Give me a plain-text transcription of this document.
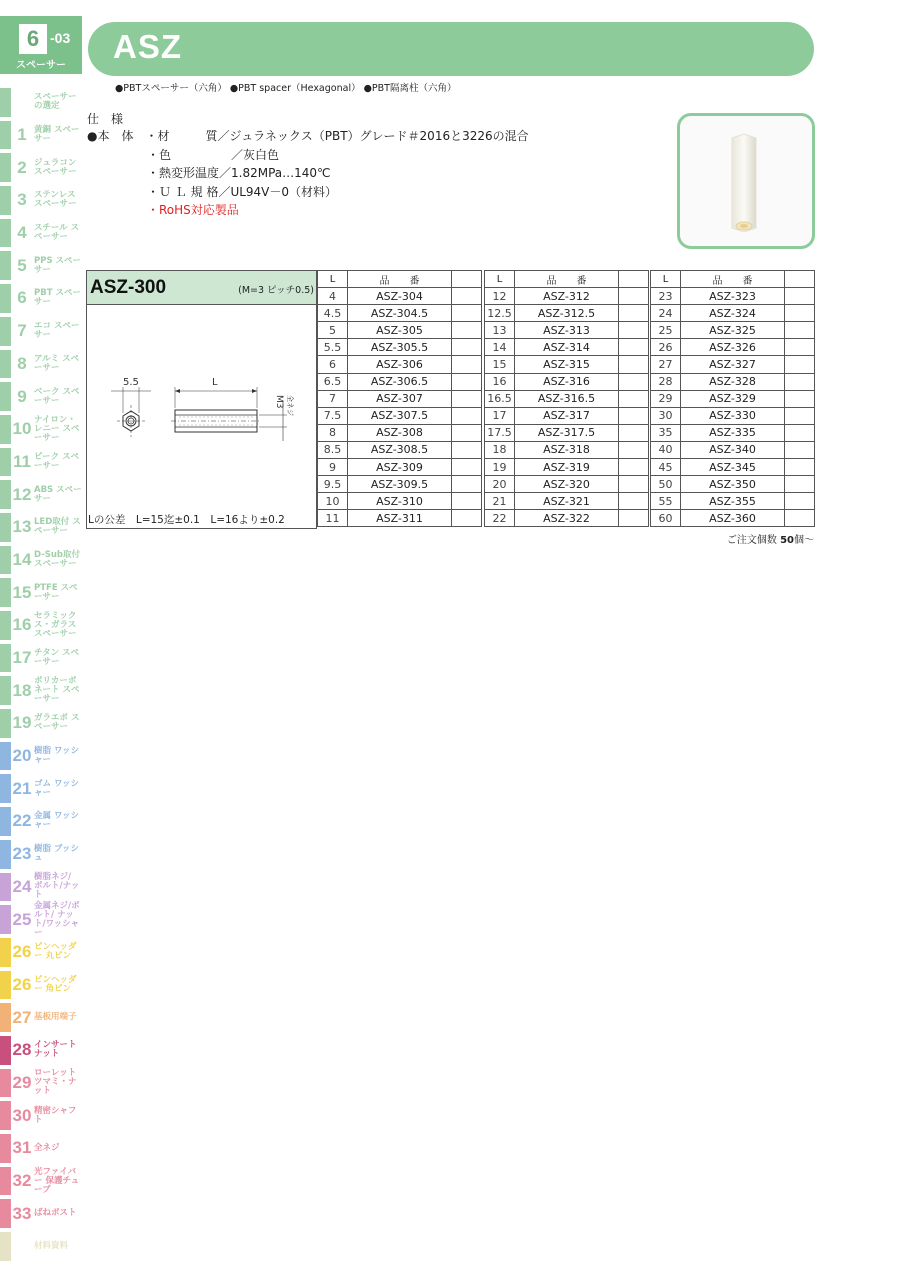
6 -03
スペーサー
ASZ
●PBTスペーサー（六角） ●PBT spacer（Hexagonal） ●PBT隔离柱（六角）
スペーサー の選定
1 黄銅 スペーサー
2 ジュラコン スペーサー
3 ステンレス スペーサー
4 スチール スペーサー
5 PPS スペーサー
6 PBT スペーサー
7 エコ スペーサー
8 アルミ スペーサー
9 ベーク スペーサー
10 ナイロン・レニー スペーサー
11 ピーク スペーサー
12 ABS スペーサー
13 LED取付 スペーサー
14 D-Sub取付 スペーサー
15 PTFE スペーサー
16 セラミックス・ガラス スペーサー
17 チタン スペーサー
18 ポリカーボネート スペーサー
19 ガラエポ スペーサー
20 樹脂 ワッシャー
21 ゴム ワッシャー
22 金属 ワッシャー
23 樹脂 ブッシュ
24 樹脂ネジ/ ボルト/ナット
25
金属ネジ/ボルト/ ナット/ワッシャー
26 ピンヘッダー 丸ピン
26 ピンヘッダー 角ピン
27 基板用端子
28 インサート ナット
29 ローレット ツマミ・ナット
30 精密シャフト
31 全ネジ
32 光ファイバー 保護チューブ
33 ばねポスト
材料資料
仕　様
●本　体　・材　　　質／ジュラネックス（PBT）グレード＃2016と3226の混合
　　　　　・色　　　　　／灰白色
　　　　　・熱変形温度／1.82MPa…140℃
　　　　　・Ｕ Ｌ 規 格／UL94V－0（材料）
　　　　　・RoHS対応製品
ASZ-300	(M=3 ピッチ0.5)
5.5	L
M3 全ネジ
Lの公差　L=15迄±0.1　L=16より±0.2
L	品　　番	
4	ASZ-304	
4.5	ASZ-304.5	
5	ASZ-305	
5.5	ASZ-305.5	
6	ASZ-306	
6.5	ASZ-306.5	
7	ASZ-307	
7.5	ASZ-307.5	
8	ASZ-308	
8.5	ASZ-308.5	
9	ASZ-309	
9.5	ASZ-309.5	
10	ASZ-310	
11	ASZ-311	
L	品　　番	
12	ASZ-312	
12.5	ASZ-312.5	
13	ASZ-313	
14	ASZ-314	
15	ASZ-315	
16	ASZ-316	
16.5	ASZ-316.5	
17	ASZ-317	
17.5	ASZ-317.5	
18	ASZ-318	
19	ASZ-319	
20	ASZ-320	
21	ASZ-321	
22	ASZ-322	
L	品　　番	
23	ASZ-323	
24	ASZ-324	
25	ASZ-325	
26	ASZ-326	
27	ASZ-327	
28	ASZ-328	
29	ASZ-329	
30	ASZ-330	
35	ASZ-335	
40	ASZ-340	
45	ASZ-345	
50	ASZ-350	
55	ASZ-355	
60	ASZ-360	
ご注文個数 50個～
